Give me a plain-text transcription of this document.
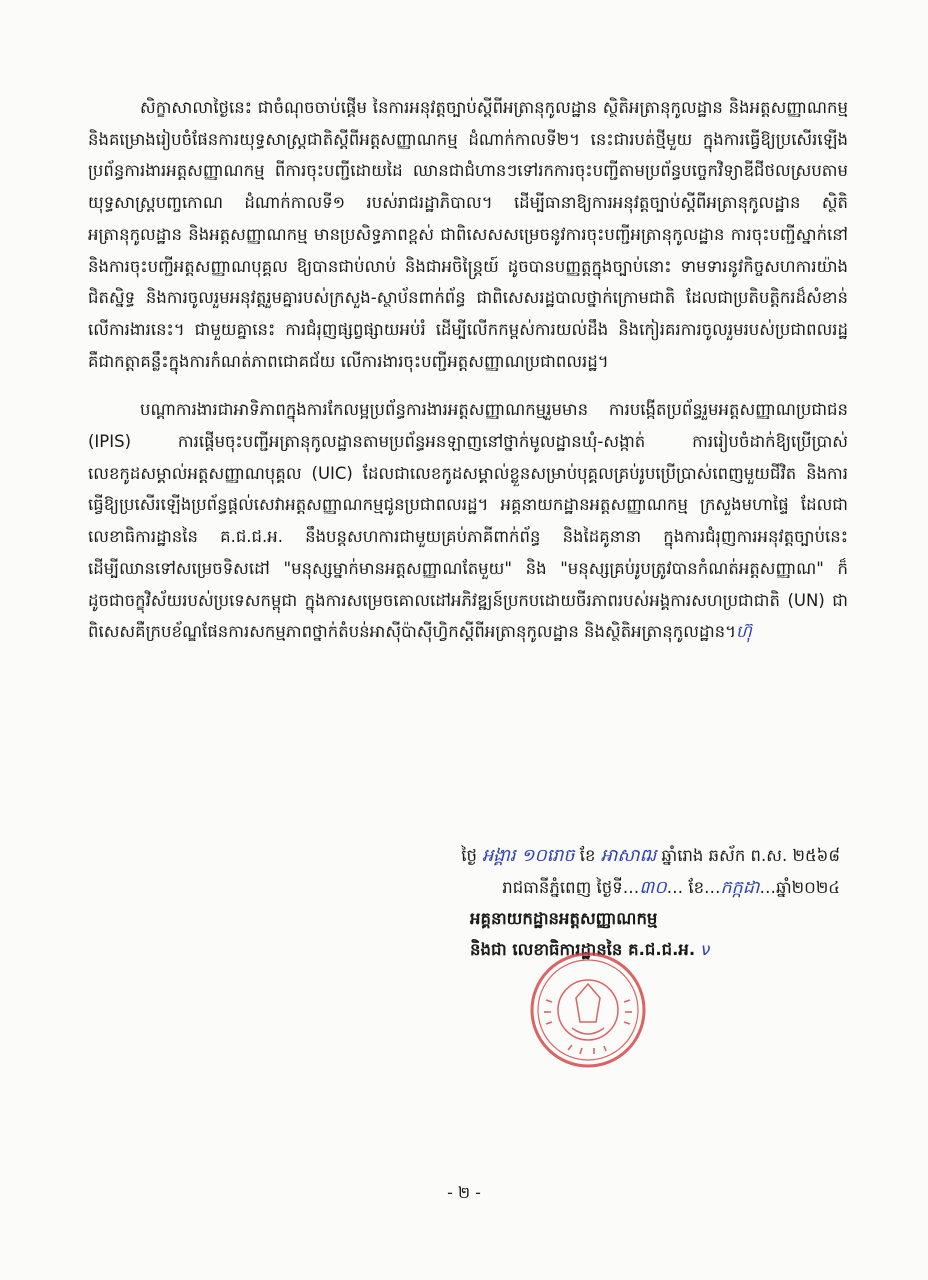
សិក្ខាសាលាថ្ងៃនេះ ជាចំណុចចាប់ផ្ដើម នៃការអនុវត្តច្បាប់ស្ដីពីអត្រានុកូលដ្ឋាន ស្ថិតិអត្រានុកូលដ្ឋាន និងអត្តសញ្ញាណកម្ម និងគម្រោងរៀបចំផែនការយុទ្ធសាស្ត្រជាតិស្ដីពីអត្តសញ្ញាណកម្ម ដំណាក់កាលទី២។ នេះជារបត់ថ្មីមួយ ក្នុងការធ្វើឱ្យប្រសើរឡើងប្រព័ន្ធការងារអត្តសញ្ញាណកម្ម ពីការចុះបញ្ជីដោយដៃ ឈានជាជំហានៗទៅរកការចុះបញ្ជីតាមប្រព័ន្ធបច្ចេកវិទ្យាឌីជីថលស្របតាម យុទ្ធសាស្ត្របញ្ចកោណ ដំណាក់កាលទី១ របស់រាជរដ្ឋាភិបាល។ ដើម្បីធានាឱ្យការអនុវត្តច្បាប់ស្ដីពីអត្រានុកូលដ្ឋាន ស្ថិតិអត្រានុកូលដ្ឋាន និងអត្តសញ្ញាណកម្ម មានប្រសិទ្ធភាពខ្ពស់ ជាពិសេសសម្រេចនូវការចុះបញ្ជីអត្រានុកូលដ្ឋាន ការចុះបញ្ជីស្នាក់នៅ និងការចុះបញ្ជីអត្តសញ្ញាណបុគ្គល ឱ្យបានជាប់លាប់ និងជាអចិន្ត្រៃយ៍ ដូចបានបញ្ញត្តក្នុងច្បាប់នោះ ទាមទារនូវកិច្ចសហការយ៉ាងជិតស្និទ្ធ និងការចូលរួមអនុវត្តរួមគ្នារបស់ក្រសួង-ស្ថាប័នពាក់ព័ន្ធ ជាពិសេសរដ្ឋបាលថ្នាក់ក្រោមជាតិ ដែលជាប្រតិបត្តិករដ៏សំខាន់លើការងារនេះ។ ជាមួយគ្នានេះ ការជំរុញផ្សព្វផ្សាយអប់រំ ដើម្បីលើកកម្ពស់ការយល់ដឹង និងកៀរគរការចូលរួមរបស់ប្រជាពលរដ្ឋ គឺជាកត្តាគន្លឹះក្នុងការកំណត់ភាពជោគជ័យ លើការងារចុះបញ្ជីអត្តសញ្ញាណប្រជាពលរដ្ឋ។

បណ្ដាការងារជាអាទិភាពក្នុងការកែលម្អប្រព័ន្ធការងារអត្តសញ្ញាណកម្មរួមមាន ការបង្កើតប្រព័ន្ធរួមអត្តសញ្ញាណប្រជាជន (IPIS) ការផ្ដើមចុះបញ្ជីអត្រានុកូលដ្ឋានតាមប្រព័ន្ធអនឡាញនៅថ្នាក់មូលដ្ឋានឃុំ-សង្កាត់ ការរៀបចំដាក់ឱ្យប្រើប្រាស់លេខកូដសម្គាល់អត្តសញ្ញាណបុគ្គល (UIC) ដែលជាលេខកូដសម្គាល់ខ្លួនសម្រាប់បុគ្គលគ្រប់រូបប្រើប្រាស់ពេញមួយជីវិត និងការធ្វើឱ្យប្រសើរឡើងប្រព័ន្ធផ្ដល់សេវាអត្តសញ្ញាណកម្មជូនប្រជាពលរដ្ឋ។ អគ្គនាយកដ្ឋានអត្តសញ្ញាណកម្ម ក្រសួងមហាផ្ទៃ ដែលជាលេខាធិការដ្ឋាននៃ គ.ជ.ជ.អ. នឹងបន្តសហការជាមួយគ្រប់ភាគីពាក់ព័ន្ធ និងដៃគូនានា ក្នុងការជំរុញការអនុវត្តច្បាប់នេះ ដើម្បីឈានទៅសម្រេចទិសដៅ "មនុស្សម្នាក់មានអត្តសញ្ញាណតែមួយ" និង "មនុស្សគ្រប់រូបត្រូវបានកំណត់អត្តសញ្ញាណ" ក៏ដូចជាចក្ខុវិស័យរបស់ប្រទេសកម្ពុជា ក្នុងការសម្រេចគោលដៅអភិវឌ្ឍន៍ប្រកបដោយចីរភាពរបស់អង្គការសហប្រជាជាតិ (UN) ជាពិសេសគឺក្របខ័ណ្ឌផែនការសកម្មភាពថ្នាក់តំបន់អាស៊ីប៉ាស៊ីហ្វិកស្ដីពីអត្រានុកូលដ្ឋាន និងស្ថិតិអត្រានុកូលដ្ឋាន។ហ៊ុ

ថ្ងៃ អង្គារ ១០រោច ខែ អាសាឍ ឆ្នាំរោង ឆស័ក ព.ស. ២៥៦៨
រាជធានីភ្នំពេញ ថ្ងៃទី…៣០… ខែ…កក្កដា…ឆ្នាំ២០២៤
អគ្គនាយកដ្ឋានអត្តសញ្ញាណកម្ម
និងជា លេខាធិការដ្ឋាននៃ គ.ជ.ជ.អ. ν
- ២ -
